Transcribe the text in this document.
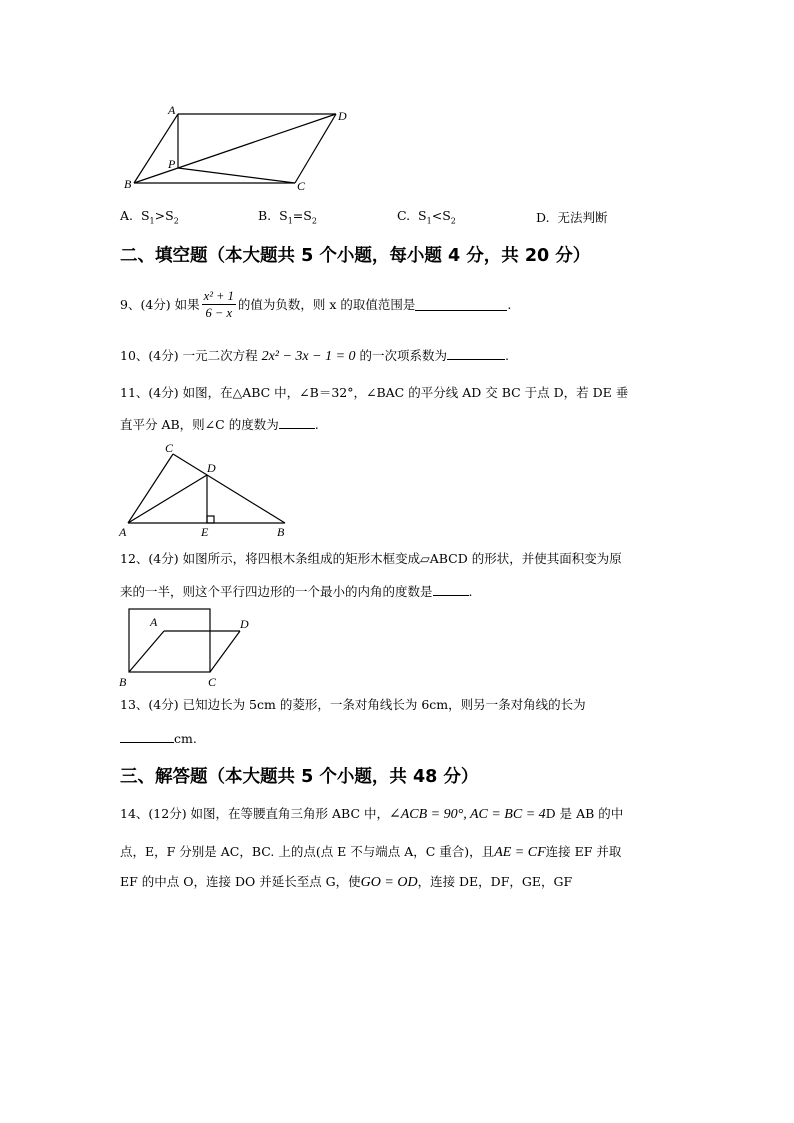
A	D
P
B	C
A. $S_1>S_2$	B. $S_1=S_2$	C. $S_1<S_2$	D. 无法判断
二、填空题（本大题共 5 个小题，每小题 4 分，共 20 分）
9、(4分) 如果 $\frac{\text{x² + 1}}{6 - x}$ 的值为负数，则 x 的取值范围是	.
10、(4分) 一元二次方程 2x² − 3x − 1 = 0 的一次项系数为	.
11、(4分) 如图，在△ABC 中，∠B＝32°，∠BAC 的平分线 AD 交 BC 于点 D，若 DE 垂
直平分 AB，则∠C 的度数为	.
C
D
A	E	B
12、(4分) 如图所示，将四根木条组成的矩形木框变成▱ABCD 的形状，并使其面积变为原
来的一半，则这个平行四边形的一个最小的内角的度数是	.
A	D
B	C
13、(4分) 已知边长为 5cm 的菱形，一条对角线长为 6cm，则另一条对角线的长为
cm.
三、解答题（本大题共 5 个小题，共 48 分）
14、(12分) 如图，在等腰直角三角形 ABC 中，∠ACB = 90°, AC = BC = 4D 是 AB 的中
点，E，F 分别是 AC，BC. 上的点(点 E 不与端点 A，C 重合)，且AE = CF连接 EF 并取
EF 的中点 O，连接 DO 并延长至点 G，使GO = OD，连接 DE，DF，GE，GF
